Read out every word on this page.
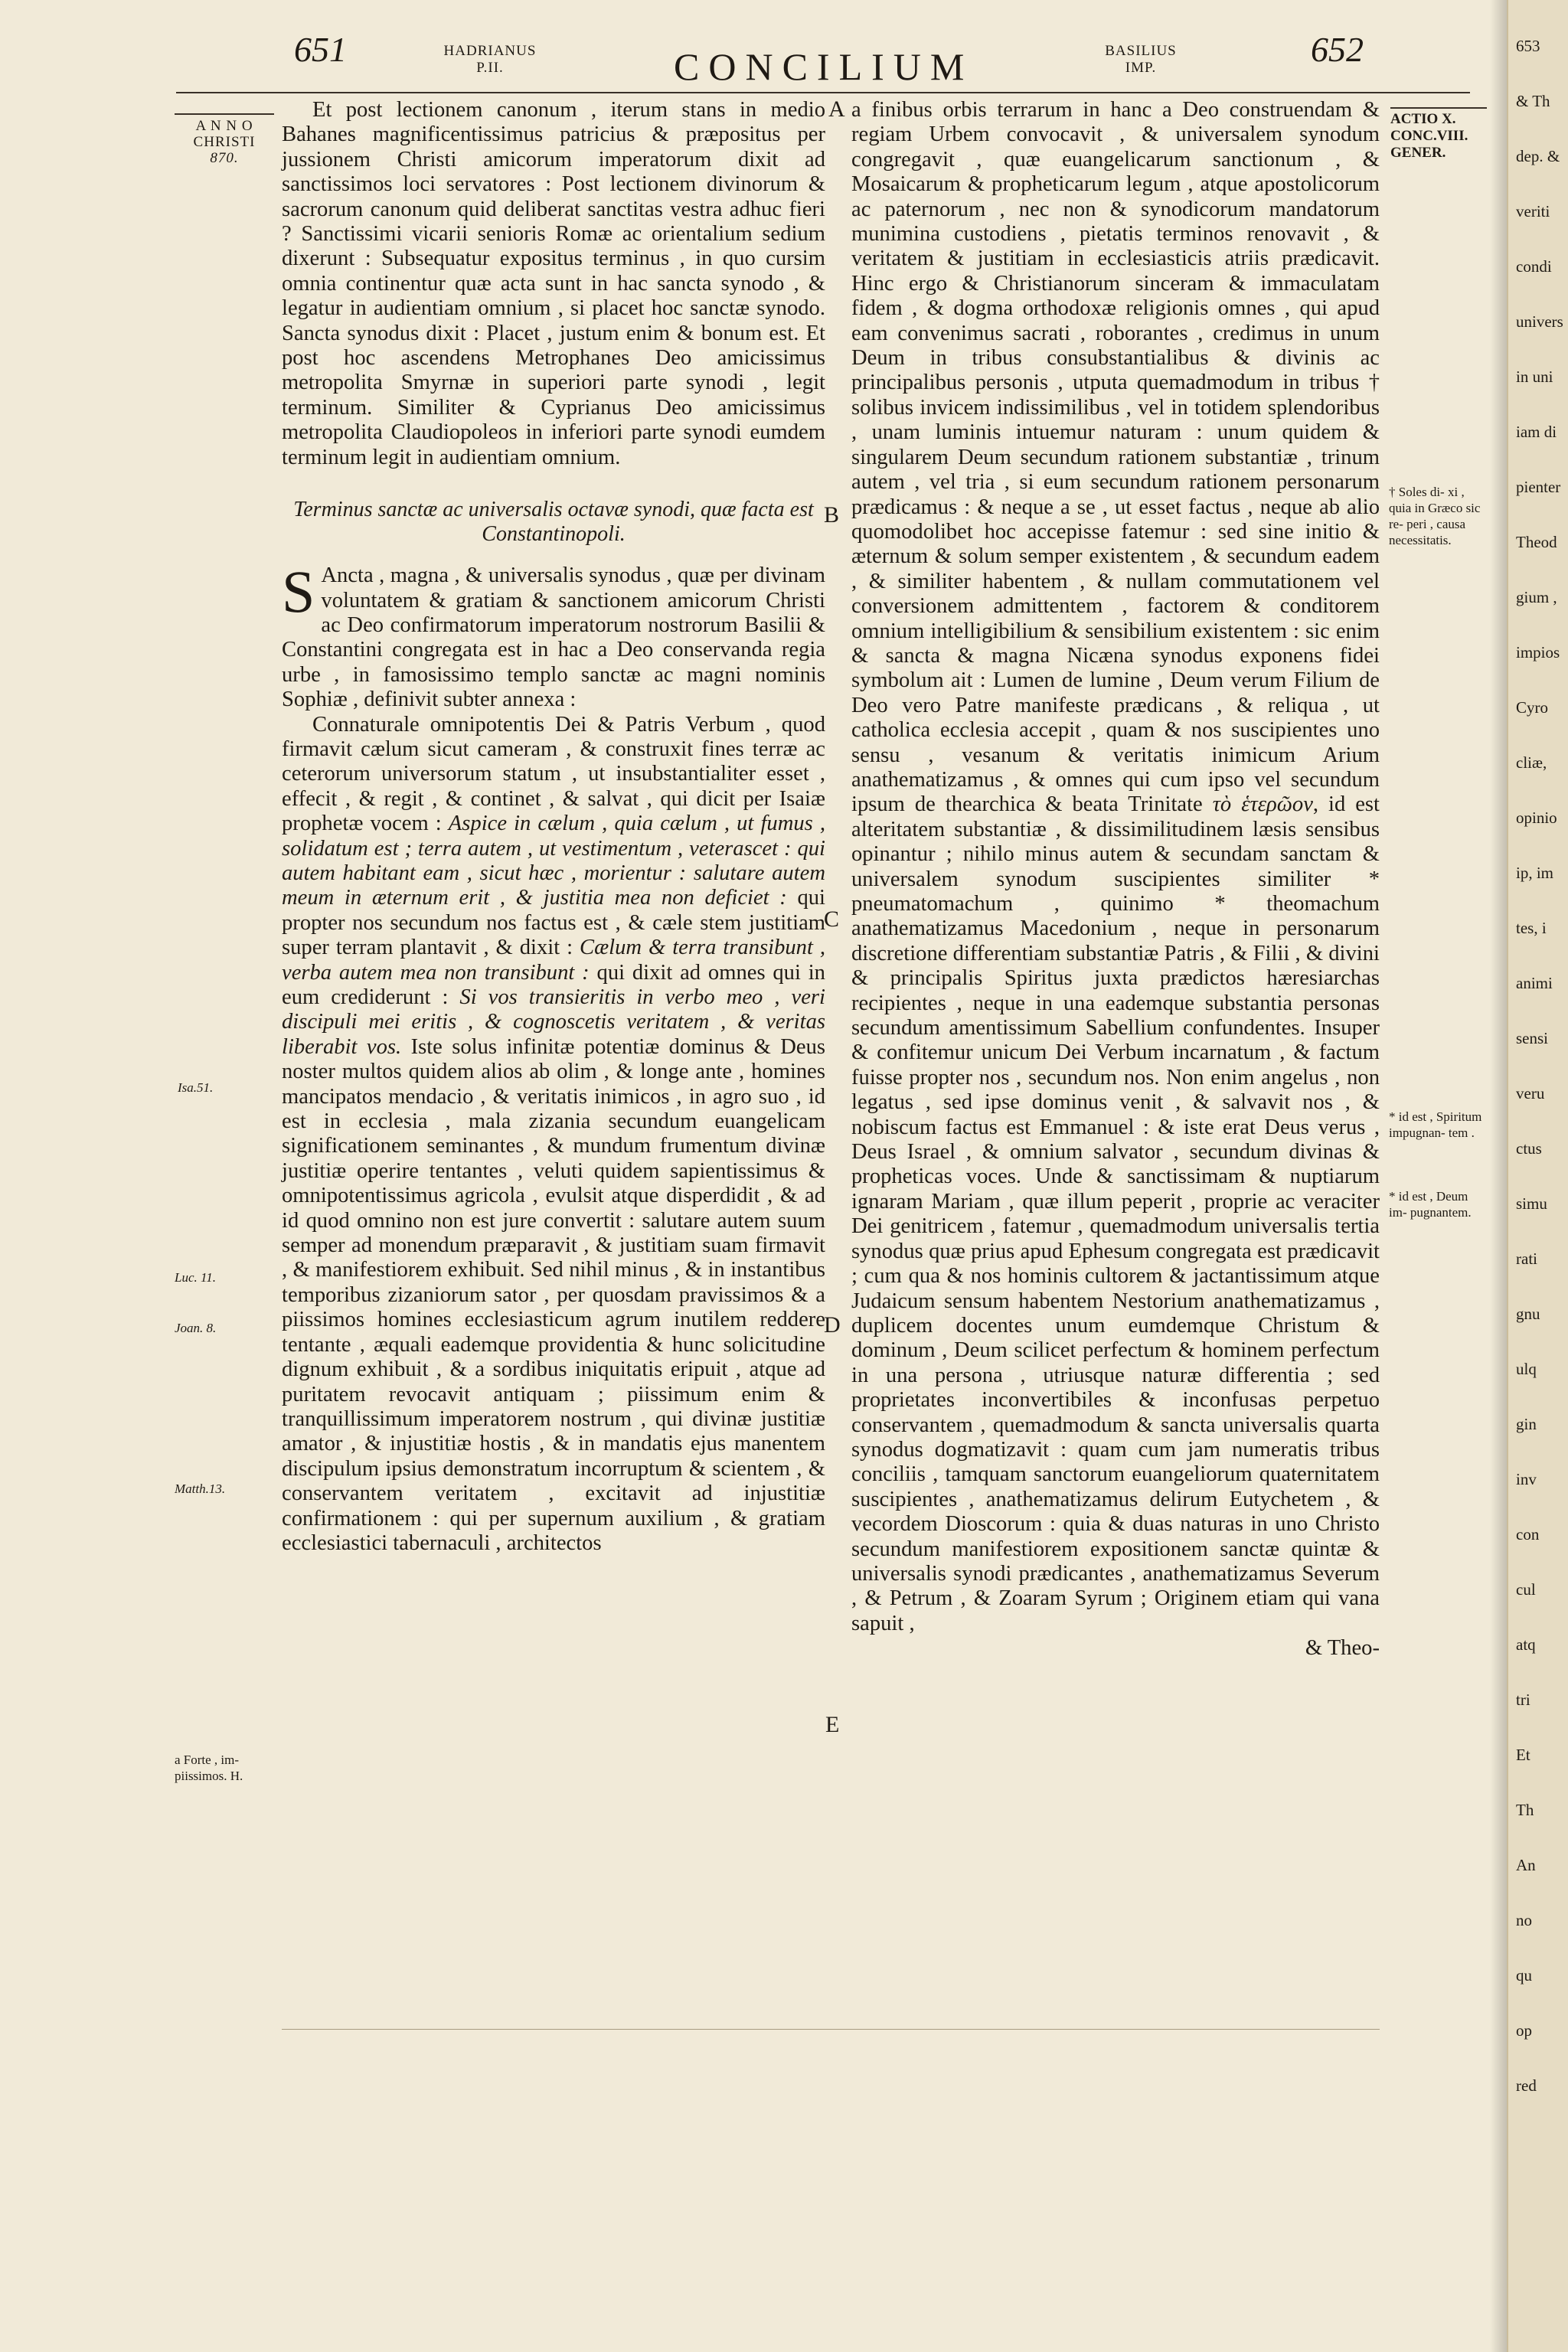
651	HADRIANUS
P.II.	CONCILIUM	BASILIUS
IMP.	652
A N N O
CHRISTI
870.
Isa.51.
Luc. 11.
Joan. 8.
Matth.13.
a Forte , im-
piissimos. H.
A
B
C
D
E

Et post lectionem canonum , iterum stans in medio Bahanes magnificentissimus patricius & præpositus per jussionem Christi amicorum imperatorum dixit ad sanctissimos loci servatores : Post lectionem divinorum & sacrorum canonum quid deliberat sanctitas vestra adhuc fieri ? Sanctissimi vicarii senioris Romæ ac orientalium sedium dixerunt : Subsequatur expositus terminus , in quo cursim omnia continentur quæ acta sunt in hac sancta synodo , & legatur in audientiam omnium , si placet hoc sanctæ synodo. Sancta synodus dixit : Placet , justum enim & bonum est. Et post hoc ascendens Metrophanes Deo amicissimus metropolita Smyrnæ in superiori parte synodi , legit terminum. Similiter & Cyprianus Deo amicissimus metropolita Claudiopoleos in inferiori parte synodi eumdem terminum legit in audientiam omnium.

Terminus sanctæ ac universalis octavæ synodi, quæ facta est Constantinopoli.

S Ancta , magna , & universalis synodus , quæ per divinam voluntatem & gratiam & sanctionem amicorum Christi ac Deo confirmatorum imperatorum nostrorum Basilii & Constantini congregata est in hac a Deo conservanda regia urbe , in famosissimo templo sanctæ ac magni nominis Sophiæ , definivit subter annexa :

Connaturale omnipotentis Dei & Patris Verbum , quod firmavit cælum sicut cameram , & construxit fines terræ ac ceterorum universorum statum , ut insubstantialiter esset , effecit , & regit , & continet , & salvat , qui dicit per Isaiæ prophetæ vocem : Aspice in cælum , quia cælum , ut fumus , solidatum est ; terra autem , ut vestimentum , veterascet : qui autem habitant eam , sicut hæc , morientur : salutare autem meum in æternum erit , & justitia mea non deficiet : qui propter nos secundum nos factus est , & cæle stem justitiam super terram plantavit , & dixit : Cælum & terra transibunt , verba autem mea non transibunt : qui dixit ad omnes qui in eum crediderunt : Si vos transieritis in verbo meo , veri discipuli mei eritis , & cognoscetis veritatem , & veritas liberabit vos. Iste solus infinitæ potentiæ dominus & Deus noster multos quidem alios ab olim , & longe ante , homines mancipatos mendacio , & veritatis inimicos , in agro suo , id est in ecclesia , mala zizania secundum euangelicam significationem seminantes , & mundum frumentum divinæ justitiæ operire tentantes , veluti quidem sapientissimus & omnipotentissimus agricola , evulsit atque disperdidit , & ad id quod omnino non est jure convertit : salutare autem suum semper ad monendum præparavit , & justitiam suam firmavit , & manifestiorem exhibuit. Sed nihil minus , & in instantibus temporibus zizaniorum sator , per quosdam pravissimos & a piissimos homines ecclesiasticum agrum inutilem reddere tentante , æquali eademque providentia & hunc solicitudine dignum exhibuit , & a sordibus iniquitatis eripuit , atque ad puritatem revocavit antiquam ; piissimum enim & tranquillissimum imperatorem nostrum , qui divinæ justitiæ amator , & injustitiæ hostis , & in mandatis ejus manentem discipulum ipsius demonstratum incorruptum & scientem , & conservantem veritatem , excitavit ad injustitiæ confirmationem : qui per supernum auxilium , & gratiam ecclesiastici tabernaculi , architectos

a finibus orbis terrarum in hanc a Deo construendam & regiam Urbem convocavit , & universalem synodum congregavit , quæ euangelicarum sanctionum , & Mosaicarum & propheticarum legum , atque apostolicorum ac paternorum , nec non & synodicorum mandatorum munimina custodiens , pietatis terminos renovavit , & veritatem & justitiam in ecclesiasticis atriis prædicavit. Hinc ergo & Christianorum sinceram & immaculatam fidem , & dogma orthodoxæ religionis omnes , qui apud eam convenimus sacrati , roborantes , credimus in unum Deum in tribus consubstantialibus & divinis ac principalibus personis , utputa quemadmodum in tribus † solibus invicem indissimilibus , vel in totidem splendoribus , unam luminis intuemur naturam : unum quidem & singularem Deum secundum rationem substantiæ , trinum autem , vel tria , si eum secundum rationem personarum prædicamus : & neque a se , ut esset factus , neque ab alio quomodolibet hoc accepisse fatemur : sed sine initio & æternum & solum semper existentem , & secundum eadem , & similiter habentem , & nullam commutationem vel conversionem admittentem , factorem & conditorem omnium intelligibilium & sensibilium existentem : sic enim & sancta & magna Nicæna synodus exponens fidei symbolum ait : Lumen de lumine , Deum verum Filium de Deo vero Patre manifeste prædicans , & reliqua , ut catholica ecclesia accepit , quam & nos suscipientes uno sensu , vesanum & veritatis inimicum Arium anathematizamus , & omnes qui cum ipso vel secundum ipsum de thearchica & beata Trinitate τὸ ἑτερῶον, id est alteritatem substantiæ , & dissimilitudinem læsis sensibus opinantur ; nihilo minus autem & secundam sanctam & universalem synodum suscipientes similiter * pneumatomachum , quinimo * theomachum anathematizamus Macedonium , neque in personarum discretione differentiam substantiæ Patris , & Filii , & divini & principalis Spiritus juxta prædictos hæresiarchas recipientes , neque in una eademque substantia personas secundum amentissimum Sabellium confundentes. Insuper & confitemur unicum Dei Verbum incarnatum , & factum fuisse propter nos , secundum nos. Non enim angelus , non legatus , sed ipse dominus venit , & salvavit nos , & nobiscum factus est Emmanuel : & iste erat Deus verus , Deus Israel , & omnium salvator , secundum divinas & propheticas voces. Unde & sanctissimam & nuptiarum ignaram Mariam , quæ illum peperit , proprie ac veraciter Dei genitricem , fatemur , quemadmodum universalis tertia synodus quæ prius apud Ephesum congregata est prædicavit ; cum qua & nos hominis cultorem & jactantissimum atque Judaicum sensum habentem Nestorium anathematizamus , duplicem docentes unum eumdemque Christum & dominum , Deum scilicet perfectum & hominem perfectum in una persona , utriusque naturæ differentia ; sed proprietates inconvertibiles & inconfusas perpetuo conservantem , quemadmodum & sancta universalis quarta synodus dogmatizavit : quam cum jam numeratis tribus conciliis , tamquam sanctorum euangeliorum quaternitatem suscipientes , anathematizamus delirum Eutychetem , & vecordem Dioscorum : quia & duas naturas in uno Christo secundum manifestiorem expositionem sanctæ quintæ & universalis synodi prædicantes , anathematizamus Severum , & Petrum , & Zoaram Syrum ; Originem etiam qui vana sapuit ,

& Theo-

ACTIO X.
CONC.VIII.
GENER.
† Soles di- xi , quia in Græco sic re- peri , causa necessitatis.
* id est , Spiritum impugnan- tem .
* id est , Deum im- pugnantem.
653
& Th
dep. &
veriti
condi
univers
in uni
iam di
pienter
Theod
gium ,
impios
Cyro
cliæ,
opinio
ip, im
tes, i
animi
sensi
veru
ctus
simu
rati
gnu
ulq
gin
inv
con
cul
atq
tri
Et
Th
An
no
qu
op
red
